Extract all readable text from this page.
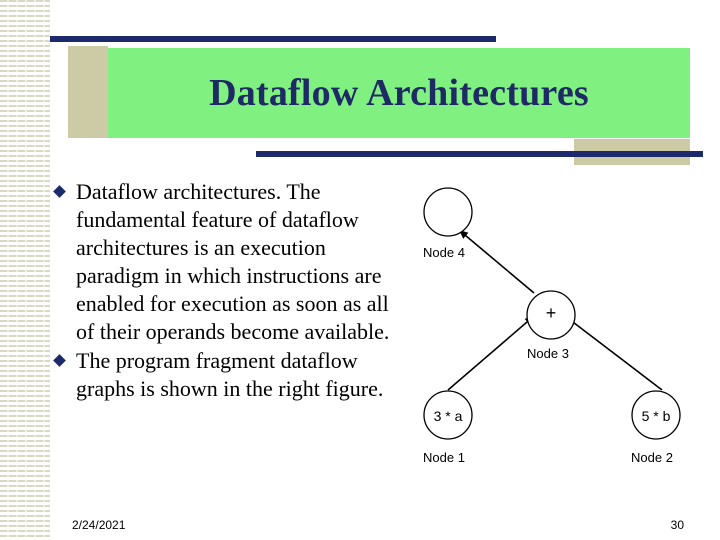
Dataflow Architectures
Dataflow architectures. The fundamental feature of dataflow architectures is an execution paradigm in which instructions are enabled for execution as soon as all of their operands become available.
The program fragment dataflow graphs is shown in the right figure.
Node 4
+
Node 3
3 * a
Node 1
5 * b
Node 2
2/24/2021	30
